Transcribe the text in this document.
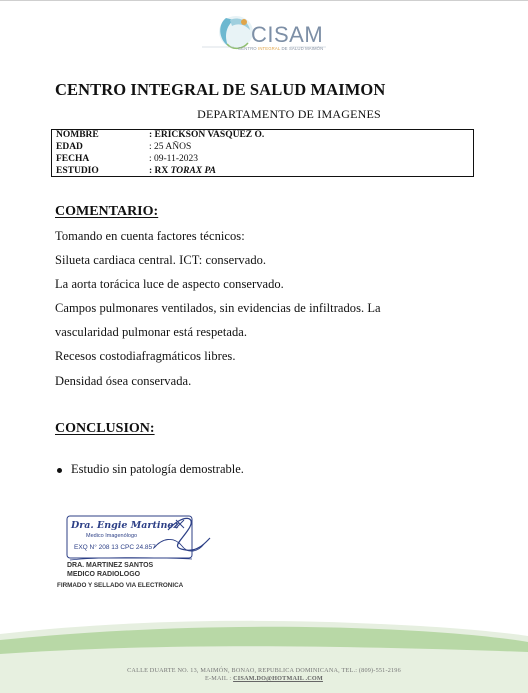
CISAM
CENTRO INTEGRAL DE SALUD MAIMÓN
CENTRO INTEGRAL DE SALUD MAIMON
DEPARTAMENTO DE IMAGENES
NOMBRE	: ERICKSON VASQUEZ O.
EDAD	: 25 AÑOS
FECHA	: 09-11-2023
ESTUDIO	: RX TORAX PA
COMENTARIO:
Tomando en cuenta factores técnicos:
Silueta cardiaca central. ICT: conservado.
La aorta torácica luce de aspecto conservado.
Campos pulmonares ventilados, sin evidencias de infiltrados. La
vascularidad pulmonar está respetada.
Recesos costodiafragmáticos libres.
Densidad ósea conservada.
CONCLUSION:
Estudio sin patología demostrable.
Dra. Engie Martinez
Medico Imagenólogo
EXQ N° 208 13 CPC 24.857
DRA. MARTINEZ SANTOS
MEDICO RADIOLOGO
FIRMADO Y SELLADO VIA ELECTRONICA
CALLE DUARTE NO. 13, MAIMÓN, BONAO, REPUBLICA DOMINICANA, TEL.: (809)-551-2196
E-MAIL : CISAM.DO@HOTMAIL .COM
